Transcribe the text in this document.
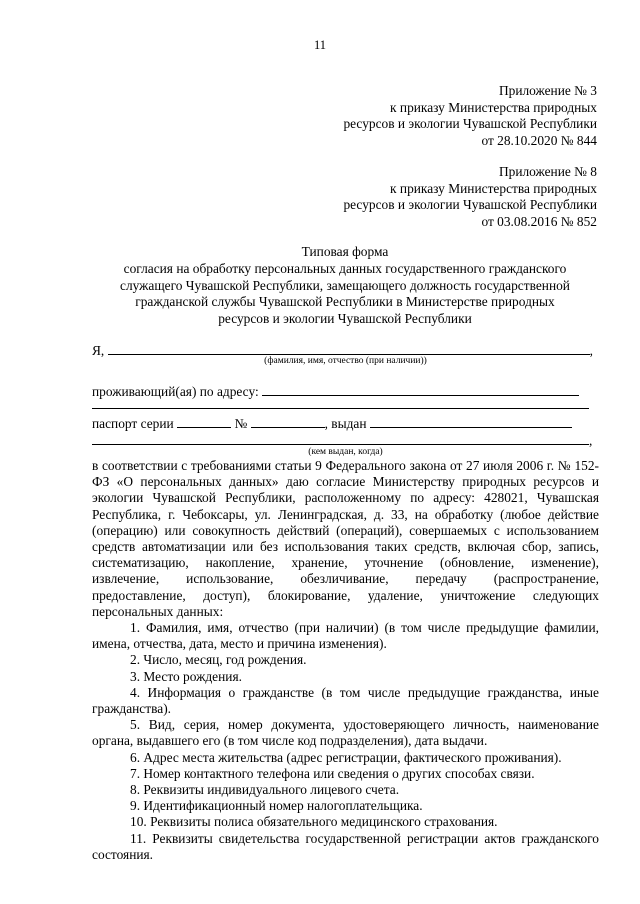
11
Приложение № 3
к приказу Министерства природных
ресурсов и экологии Чувашской Республики
от 28.10.2020 № 844
Приложение № 8
к приказу Министерства природных
ресурсов и экологии Чувашской Республики
от 03.08.2016 № 852
Типовая форма
согласия на обработку персональных данных государственного гражданского
служащего Чувашской Республики, замещающего должность государственной
гражданской службы Чувашской Республики в Министерстве природных
ресурсов и экологии Чувашской Республики
Я,	,
(фамилия, имя, отчество (при наличии))
проживающий(ая) по адресу:
паспорт серии	№	, выдан
,
(кем выдан, когда)

в соответствии с требованиями статьи 9 Федерального закона от 27 июля 2006 г. № 152-ФЗ «О персональных данных» даю согласие Министерству природных ресурсов и экологии Чувашской Республики, расположенному по адресу: 428021, Чувашская Республика, г. Чебоксары, ул. Ленинградская, д. 33, на обработку (любое действие (операцию) или совокупность действий (операций), совершаемых с использованием средств автоматизации или без использования таких средств, включая сбор, запись, систематизацию, накопление, хранение, уточнение (обновление, изменение), извлечение, использование, обезличивание, передачу (распространение, предоставление, доступ), блокирование, удаление, уничтожение следующих персональных данных:

1. Фамилия, имя, отчество (при наличии) (в том числе предыдущие фамилии, имена, отчества, дата, место и причина изменения).

2. Число, месяц, год рождения.

3. Место рождения.

4. Информация о гражданстве (в том числе предыдущие гражданства, иные гражданства).

5. Вид, серия, номер документа, удостоверяющего личность, наименование органа, выдавшего его (в том числе код подразделения), дата выдачи.

6. Адрес места жительства (адрес регистрации, фактического проживания).

7. Номер контактного телефона или сведения о других способах связи.

8. Реквизиты индивидуального лицевого счета.

9. Идентификационный номер налогоплательщика.

10. Реквизиты полиса обязательного медицинского страхования.

11. Реквизиты свидетельства государственной регистрации актов гражданского состояния.
